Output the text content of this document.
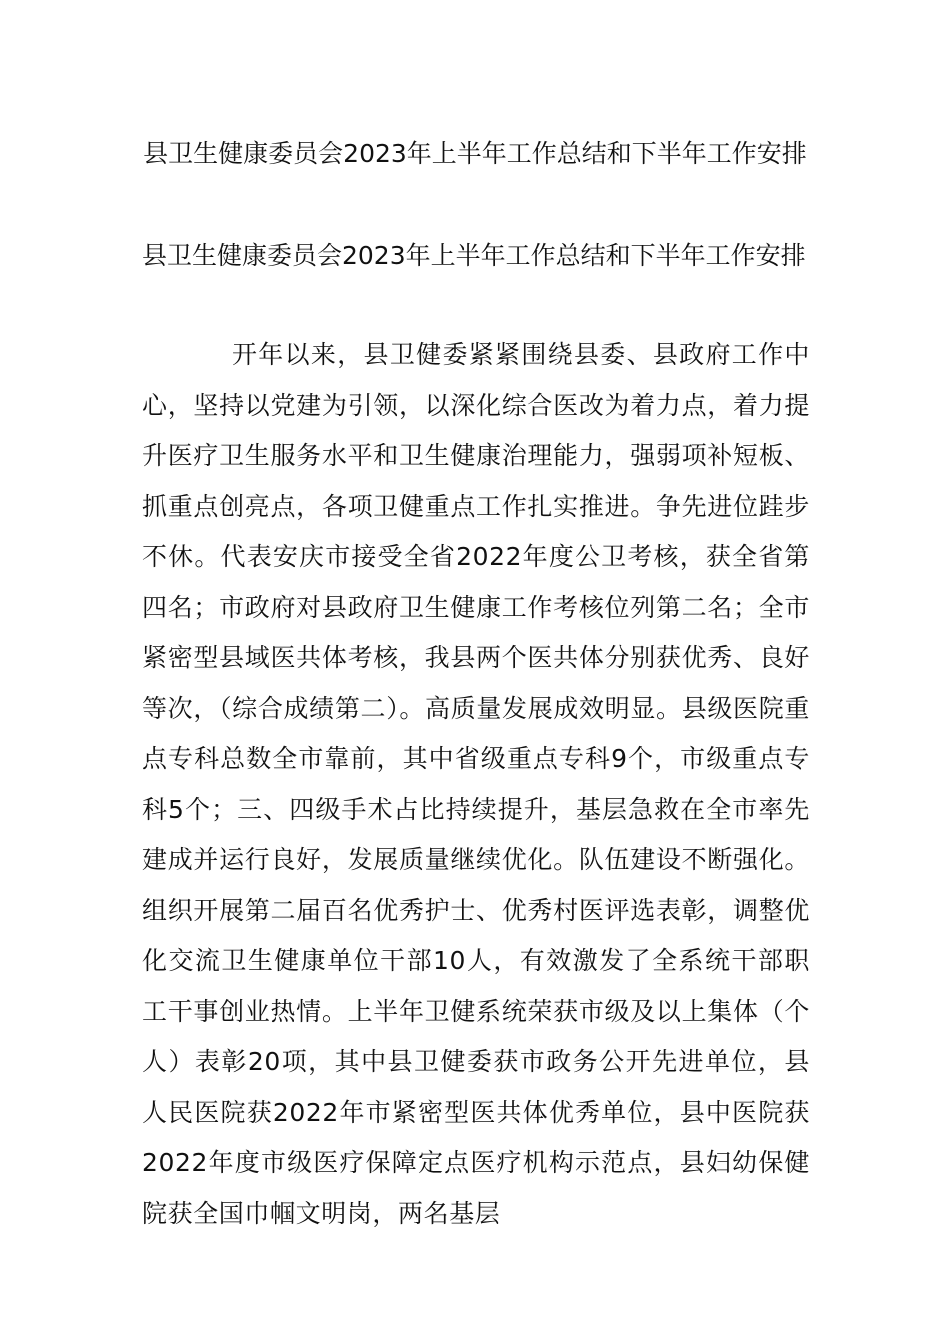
县卫生健康委员会2023年上半年工作总结和下半年工作安排
县卫生健康委员会2023年上半年工作总结和下半年工作安排

开年以来，县卫健委紧紧围绕县委、县政府工作中心，坚持以党建为引领，以深化综合医改为着力点，着力提升医疗卫生服务水平和卫生健康治理能力，强弱项补短板、抓重点创亮点，各项卫健重点工作扎实推进。争先进位跬步不休。代表安庆市接受全省2022年度公卫考核，获全省第四名；市政府对县政府卫生健康工作考核位列第二名；全市紧密型县域医共体考核，我县两个医共体分别获优秀、良好等次，（综合成绩第二）。高质量发展成效明显。县级医院重点专科总数全市靠前，其中省级重点专科9个，市级重点专科5个；三、四级手术占比持续提升，基层急救在全市率先建成并运行良好，发展质量继续优化。队伍建设不断强化。组织开展第二届百名优秀护士、优秀村医评选表彰，调整优化交流卫生健康单位干部10人，有效激发了全系统干部职工干事创业热情。上半年卫健系统荣获市级及以上集体（个人）表彰20项，其中县卫健委获市政务公开先进单位，县人民医院获2022年市紧密型医共体优秀单位，县中医院获2022年度市级医疗保障定点医疗机构示范点，县妇幼保健院获全国巾帼文明岗，两名基层
